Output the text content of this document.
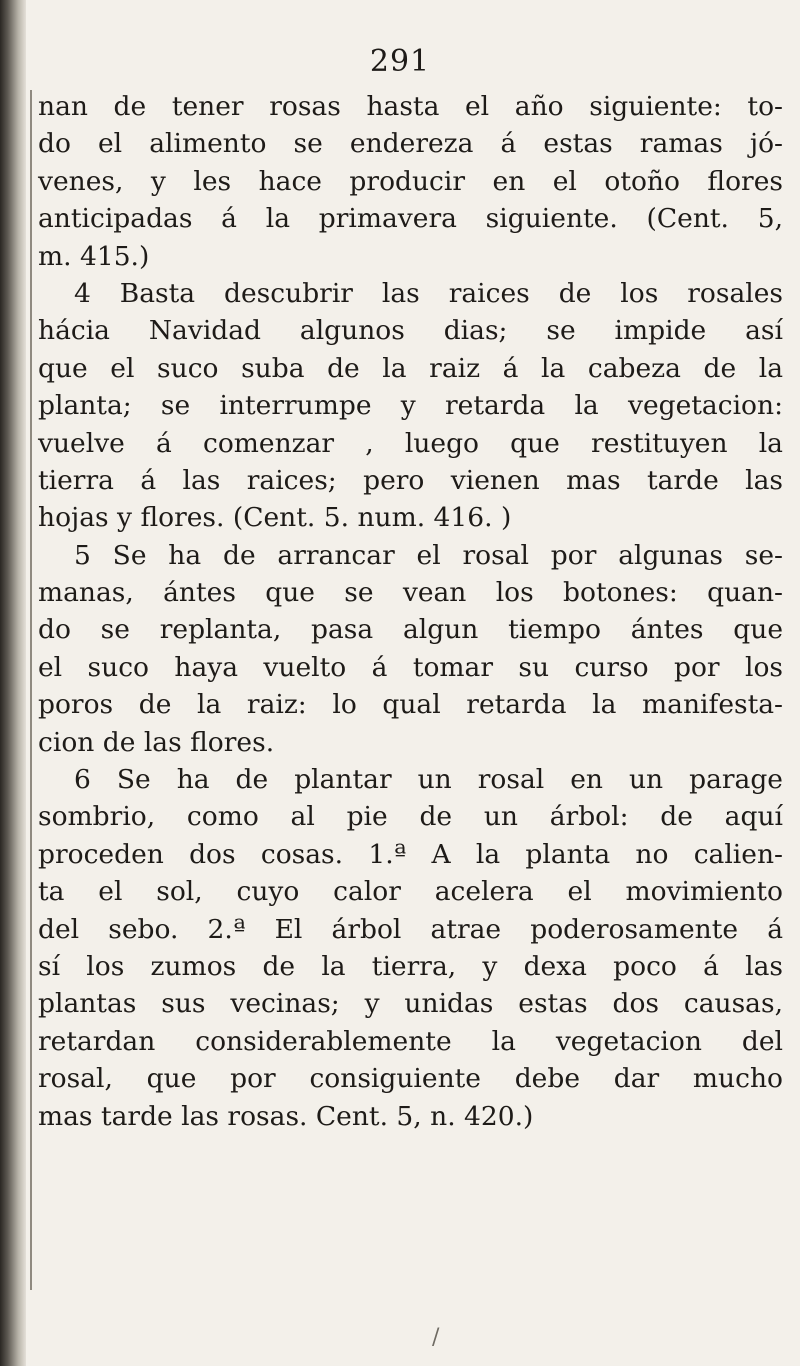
291
nan de tener rosas hasta el año siguiente: to-
do el alimento se endereza á estas ramas jó-
venes, y les hace producir en el otoño flores
anticipadas á la primavera siguiente. (Cent. 5,
m. 415.)
4 Basta descubrir las raices de los rosales
hácia Navidad algunos dias; se impide así
que el suco suba de la raiz á la cabeza de la
planta; se interrumpe y retarda la vegetacion:
vuelve á comenzar , luego que restituyen la
tierra á las raices; pero vienen mas tarde las
hojas y flores. (Cent. 5. num. 416. )
5 Se ha de arrancar el rosal por algunas se-
manas, ántes que se vean los botones: quan-
do se replanta, pasa algun tiempo ántes que
el suco haya vuelto á tomar su curso por los
poros de la raiz: lo qual retarda la manifesta-
cion de las flores.
6 Se ha de plantar un rosal en un parage
sombrio, como al pie de un árbol: de aquí
proceden dos cosas. 1.ª A la planta no calien-
ta el sol, cuyo calor acelera el movimiento
del sebo. 2.ª El árbol atrae poderosamente á
sí los zumos de la tierra, y dexa poco á las
plantas sus vecinas; y unidas estas dos causas,
retardan considerablemente la vegetacion del
rosal, que por consiguiente debe dar mucho
mas tarde las rosas. Cent. 5, n. 420.)
/
